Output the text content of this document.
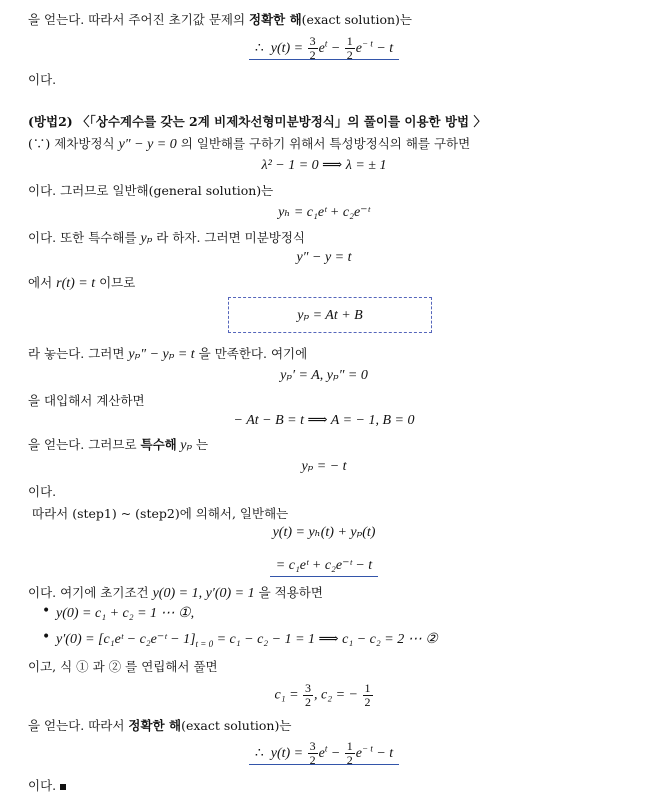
을 얻는다. 따라서 주어진 초기값 문제의 정확한 해(exact solution)는
∴ $y(t) = \frac{3}{2} e^t - \frac{1}{2} e^{- t} - t$
이다.
(방법2) 〈「상수계수를 갖는 2계 비제차선형미분방정식」의 풀이를 이용한 방법 〉
(∵) 제차방정식 y″ − y = 0 의 일반해를 구하기 위해서 특성방정식의 해를 구하면
λ² − 1 = 0 ⟹ λ = ± 1
이다. 그러므로 일반해(general solution)는
yₕ = c₁eᵗ + c₂e⁻ᵗ
이다. 또한 특수해를 yₚ 라 하자. 그러면 미분방정식
y″ − y = t
에서 r(t) = t 이므로
yₚ = At + B
라 놓는다. 그러면 yₚ″ − yₚ = t 을 만족한다. 여기에
yₚ′ = A, yₚ″ = 0
을 대입해서 계산하면
− At − B = t ⟹ A = − 1, B = 0
을 얻는다. 그러므로 특수해 yₚ 는
yₚ = − t
이다.
따라서 (step1) ~ (step2)에 의해서, 일반해는
y(t) = yₕ(t) + yₚ(t)
= c₁eᵗ + c₂e⁻ᵗ − t
이다. 여기에 초기조건 y(0) = 1, y′(0) = 1 을 적용하면
• y(0) = c₁ + c₂ = 1 ⋯ ①,
• y′(0) = [c₁eᵗ − c₂e⁻ᵗ − $1]_{t = 0} = c_1 - c_2 - 1 = 1$ ⟹ c₁ − c₂ = 2 ⋯ ②
이고, 식 ① 과 ② 를 연립해서 풀면
$c_1 = \frac{3}{2}$ , c₂ = − $\frac{1}{2}$
을 얻는다. 따라서 정확한 해(exact solution)는
∴ $y(t) = \frac{3}{2} e^t - \frac{1}{2} e^{- t} - t$
이다.
